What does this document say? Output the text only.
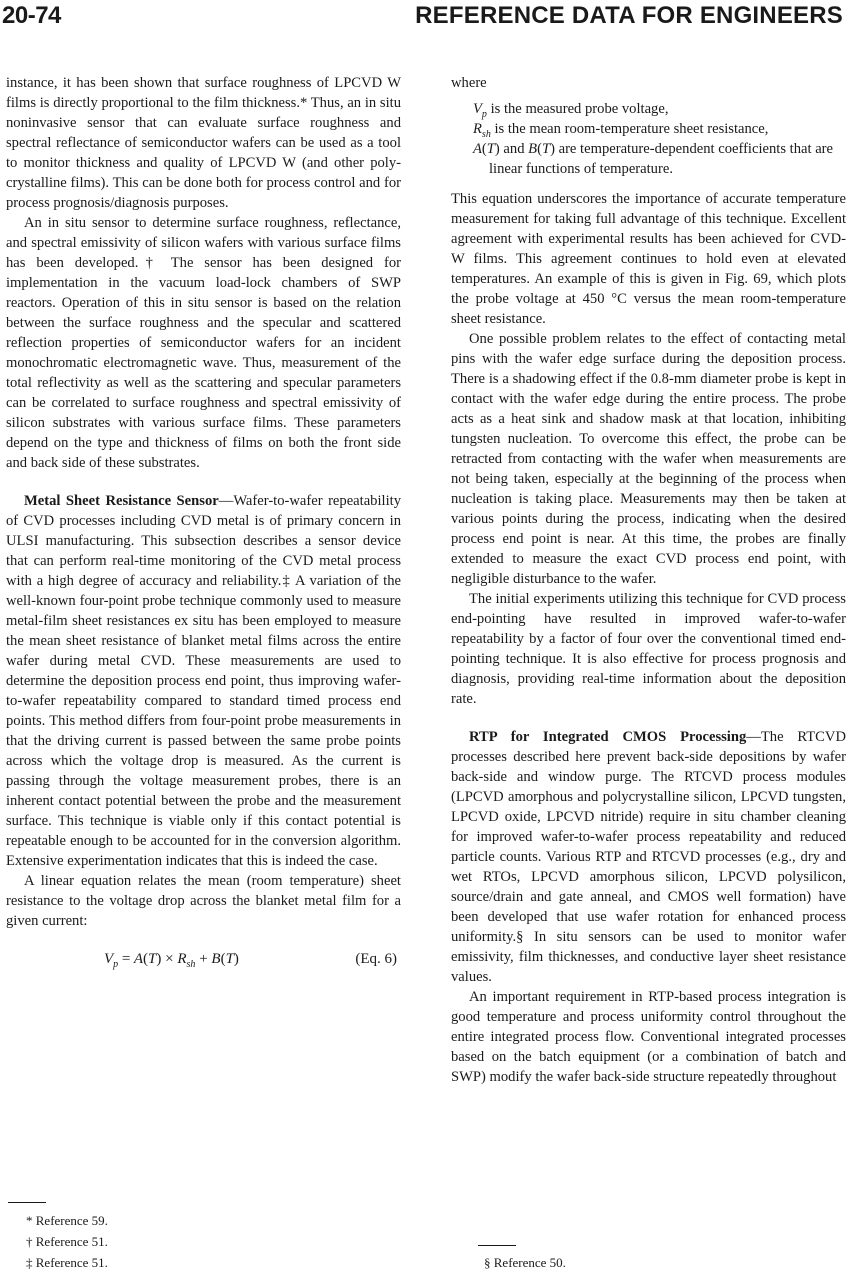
20-74	REFERENCE DATA FOR ENGINEERS

instance, it has been shown that surface roughness of LPCVD W films is directly proportional to the film thickness.* Thus, an in situ noninvasive sensor that can evaluate surface roughness and spectral reflectance of semiconductor wafers can be used as a tool to monitor thickness and quality of LPCVD W (and other poly-crystalline films). This can be done both for process control and for process prognosis/diagnosis purposes.

An in situ sensor to determine surface roughness, reflectance, and spectral emissivity of silicon wafers with various surface films has been developed.† The sensor has been designed for implementation in the vacuum load-lock chambers of SWP reactors. Operation of this in situ sensor is based on the relation between the surface roughness and the specular and scattered reflection properties of semiconductor wafers for an incident monochromatic electromagnetic wave. Thus, measurement of the total reflectivity as well as the scattering and specular parameters can be correlated to surface roughness and spectral emissivity of silicon substrates with various surface films. These parameters depend on the type and thickness of films on both the front side and back side of these substrates.

Metal Sheet Resistance Sensor—Wafer-to-wafer repeatability of CVD processes including CVD metal is of primary concern in ULSI manufacturing. This subsection describes a sensor device that can perform real-time monitoring of the CVD metal process with a high degree of accuracy and reliability.‡ A variation of the well-known four-point probe technique commonly used to measure metal-film sheet resistances ex situ has been employed to measure the mean sheet resistance of blanket metal films across the entire wafer during metal CVD. These measurements are used to determine the deposition process end point, thus improving wafer-to-wafer repeatability compared to standard timed process end points. This method differs from four-point probe measurements in that the driving current is passed between the same probe points across which the voltage drop is measured. As the current is passing through the voltage measurement probes, there is an inherent contact potential between the probe and the measurement surface. This technique is viable only if this contact potential is repeatable enough to be accounted for in the conversion algorithm. Extensive experimentation indicates that this is indeed the case.

A linear equation relates the mean (room temperature) sheet resistance to the voltage drop across the blanket metal film for a given current:

$V_p = A(T) \times R_{sh} + B(T)$	(Eq. 6)
* Reference 59.
† Reference 51.
‡ Reference 51.

where

$V_p$ is the measured probe voltage,
$R_{sh}$ is the mean room-temperature sheet resistance,
A(T) and B(T) are temperature-dependent coefficients that are linear functions of temperature.

This equation underscores the importance of accurate temperature measurement for taking full advantage of this technique. Excellent agreement with experimental results has been achieved for CVD-W films. This agreement continues to hold even at elevated temperatures. An example of this is given in Fig. 69, which plots the probe voltage at 450 °C versus the mean room-temperature sheet resistance.

One possible problem relates to the effect of contacting metal pins with the wafer edge surface during the deposition process. There is a shadowing effect if the 0.8-mm diameter probe is kept in contact with the wafer edge during the entire process. The probe acts as a heat sink and shadow mask at that location, inhibiting tungsten nucleation. To overcome this effect, the probe can be retracted from contacting with the wafer when measurements are not being taken, especially at the beginning of the process when nucleation is taking place. Measurements may then be taken at various points during the process, indicating when the desired process end point is near. At this time, the probes are finally extended to measure the exact CVD process end point, with negligible disturbance to the wafer.

The initial experiments utilizing this technique for CVD process end-pointing have resulted in improved wafer-to-wafer repeatability by a factor of four over the conventional timed end-pointing technique. It is also effective for process prognosis and diagnosis, providing real-time information about the deposition rate.

RTP for Integrated CMOS Processing—The RTCVD processes described here prevent back-side depositions by wafer back-side and window purge. The RTCVD process modules (LPCVD amorphous and polycrystalline silicon, LPCVD tungsten, LPCVD oxide, LPCVD nitride) require in situ chamber cleaning for improved wafer-to-wafer process repeatability and reduced particle counts. Various RTP and RTCVD processes (e.g., dry and wet RTOs, LPCVD amorphous silicon, LPCVD polysilicon, source/drain and gate anneal, and CMOS well formation) have been developed that use wafer rotation for enhanced process uniformity.§ In situ sensors can be used to monitor wafer emissivity, film thicknesses, and conductive layer sheet resistance values.

An important requirement in RTP-based process integration is good temperature and process uniformity control throughout the entire integrated process flow. Conventional integrated processes based on the batch equipment (or a combination of batch and SWP) modify the wafer back-side structure repeatedly throughout

§ Reference 50.
